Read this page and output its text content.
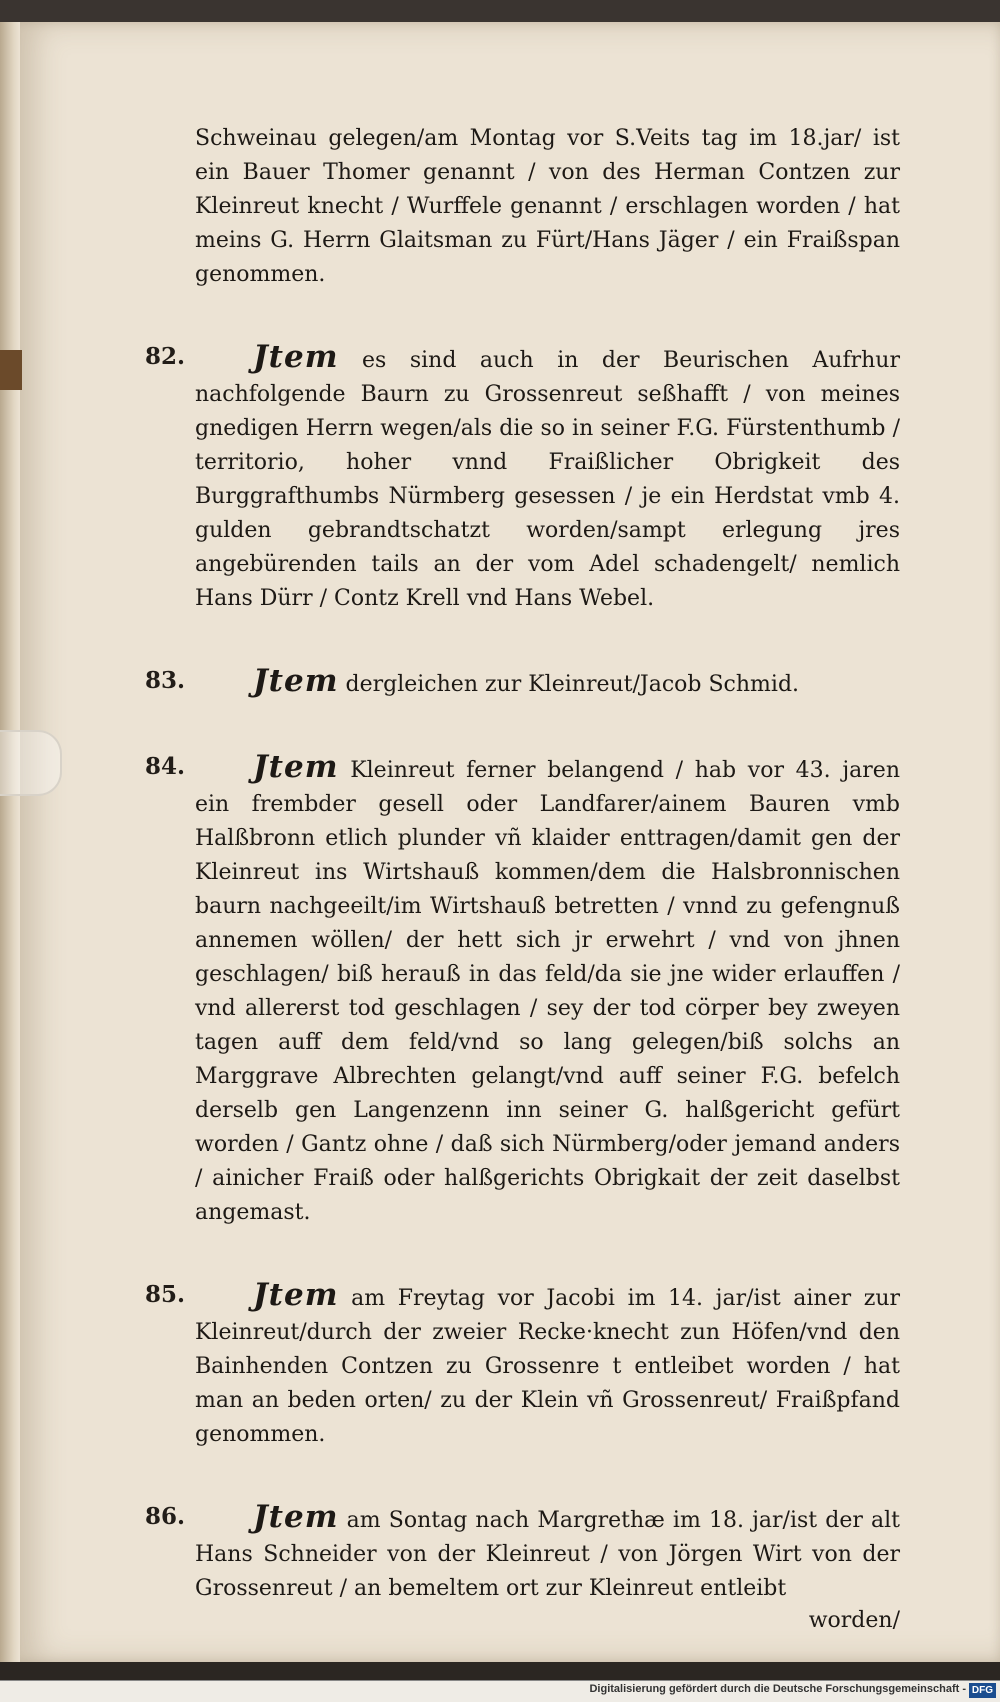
Schweinau gelegen/am Montag vor S.Veits tag im 18.jar/ ist ein Bauer Thomer genannt / von des Herman Contzen zur Kleinreut knecht / Wurffele genannt / erschlagen worden / hat meins G. Herrn Glaitsman zu Fürt/Hans Jäger / ein Fraißspan genommen.

82.	Jtem es sind auch in der Beurischen Aufrhur nachfolgende Baurn zu Grossenreut seßhafft / von meines gnedigen Herrn wegen/als die so in seiner F.G. Fürstenthumb / territorio, hoher vnnd Fraißlicher Obrigkeit des Burggrafthumbs Nürmberg gesessen / je ein Herdstat vmb 4. gulden gebrandtschatzt worden/sampt erlegung jres angebürenden tails an der vom Adel schadengelt/ nemlich Hans Dürr / Contz Krell vnd Hans Webel.

83.	Jtem dergleichen zur Kleinreut/Jacob Schmid.

84.	Jtem Kleinreut ferner belangend / hab vor 43. jaren ein frembder gesell oder Landfarer/ainem Bauren vmb Halßbronn etlich plunder vñ klaider enttragen/damit gen der Kleinreut ins Wirtshauß kommen/dem die Halsbronnischen baurn nachgeeilt/im Wirtshauß betretten / vnnd zu gefengnuß annemen wöllen/ der hett sich jr erwehrt / vnd von jhnen geschlagen/ biß herauß in das feld/da sie jne wider erlauffen / vnd allererst tod geschlagen / sey der tod cörper bey zweyen tagen auff dem feld/vnd so lang gelegen/biß solchs an Marggrave Albrechten gelangt/vnd auff seiner F.G. befelch derselb gen Langenzenn inn seiner G. halßgericht gefürt worden / Gantz ohne / daß sich Nürmberg/oder jemand anders / ainicher Fraiß oder halßgerichts Obrigkait der zeit daselbst angemast.

85.	Jtem am Freytag vor Jacobi im 14. jar/ist ainer zur Kleinreut/durch der zweier Recke·knecht zun Höfen/vnd den Bainhenden Contzen zu Grossenre t entleibet worden / hat man an beden orten/ zu der Klein vñ Grossenreut/ Fraißpfand genommen.

86.	Jtem am Sontag nach Margrethæ im 18. jar/ist der alt Hans Schneider von der Kleinreut / von Jörgen Wirt von der Grossenreut / an bemeltem ort zur Kleinreut entleibt

worden/
Digitalisierung gefördert durch die Deutsche Forschungsgemeinschaft - DFG
